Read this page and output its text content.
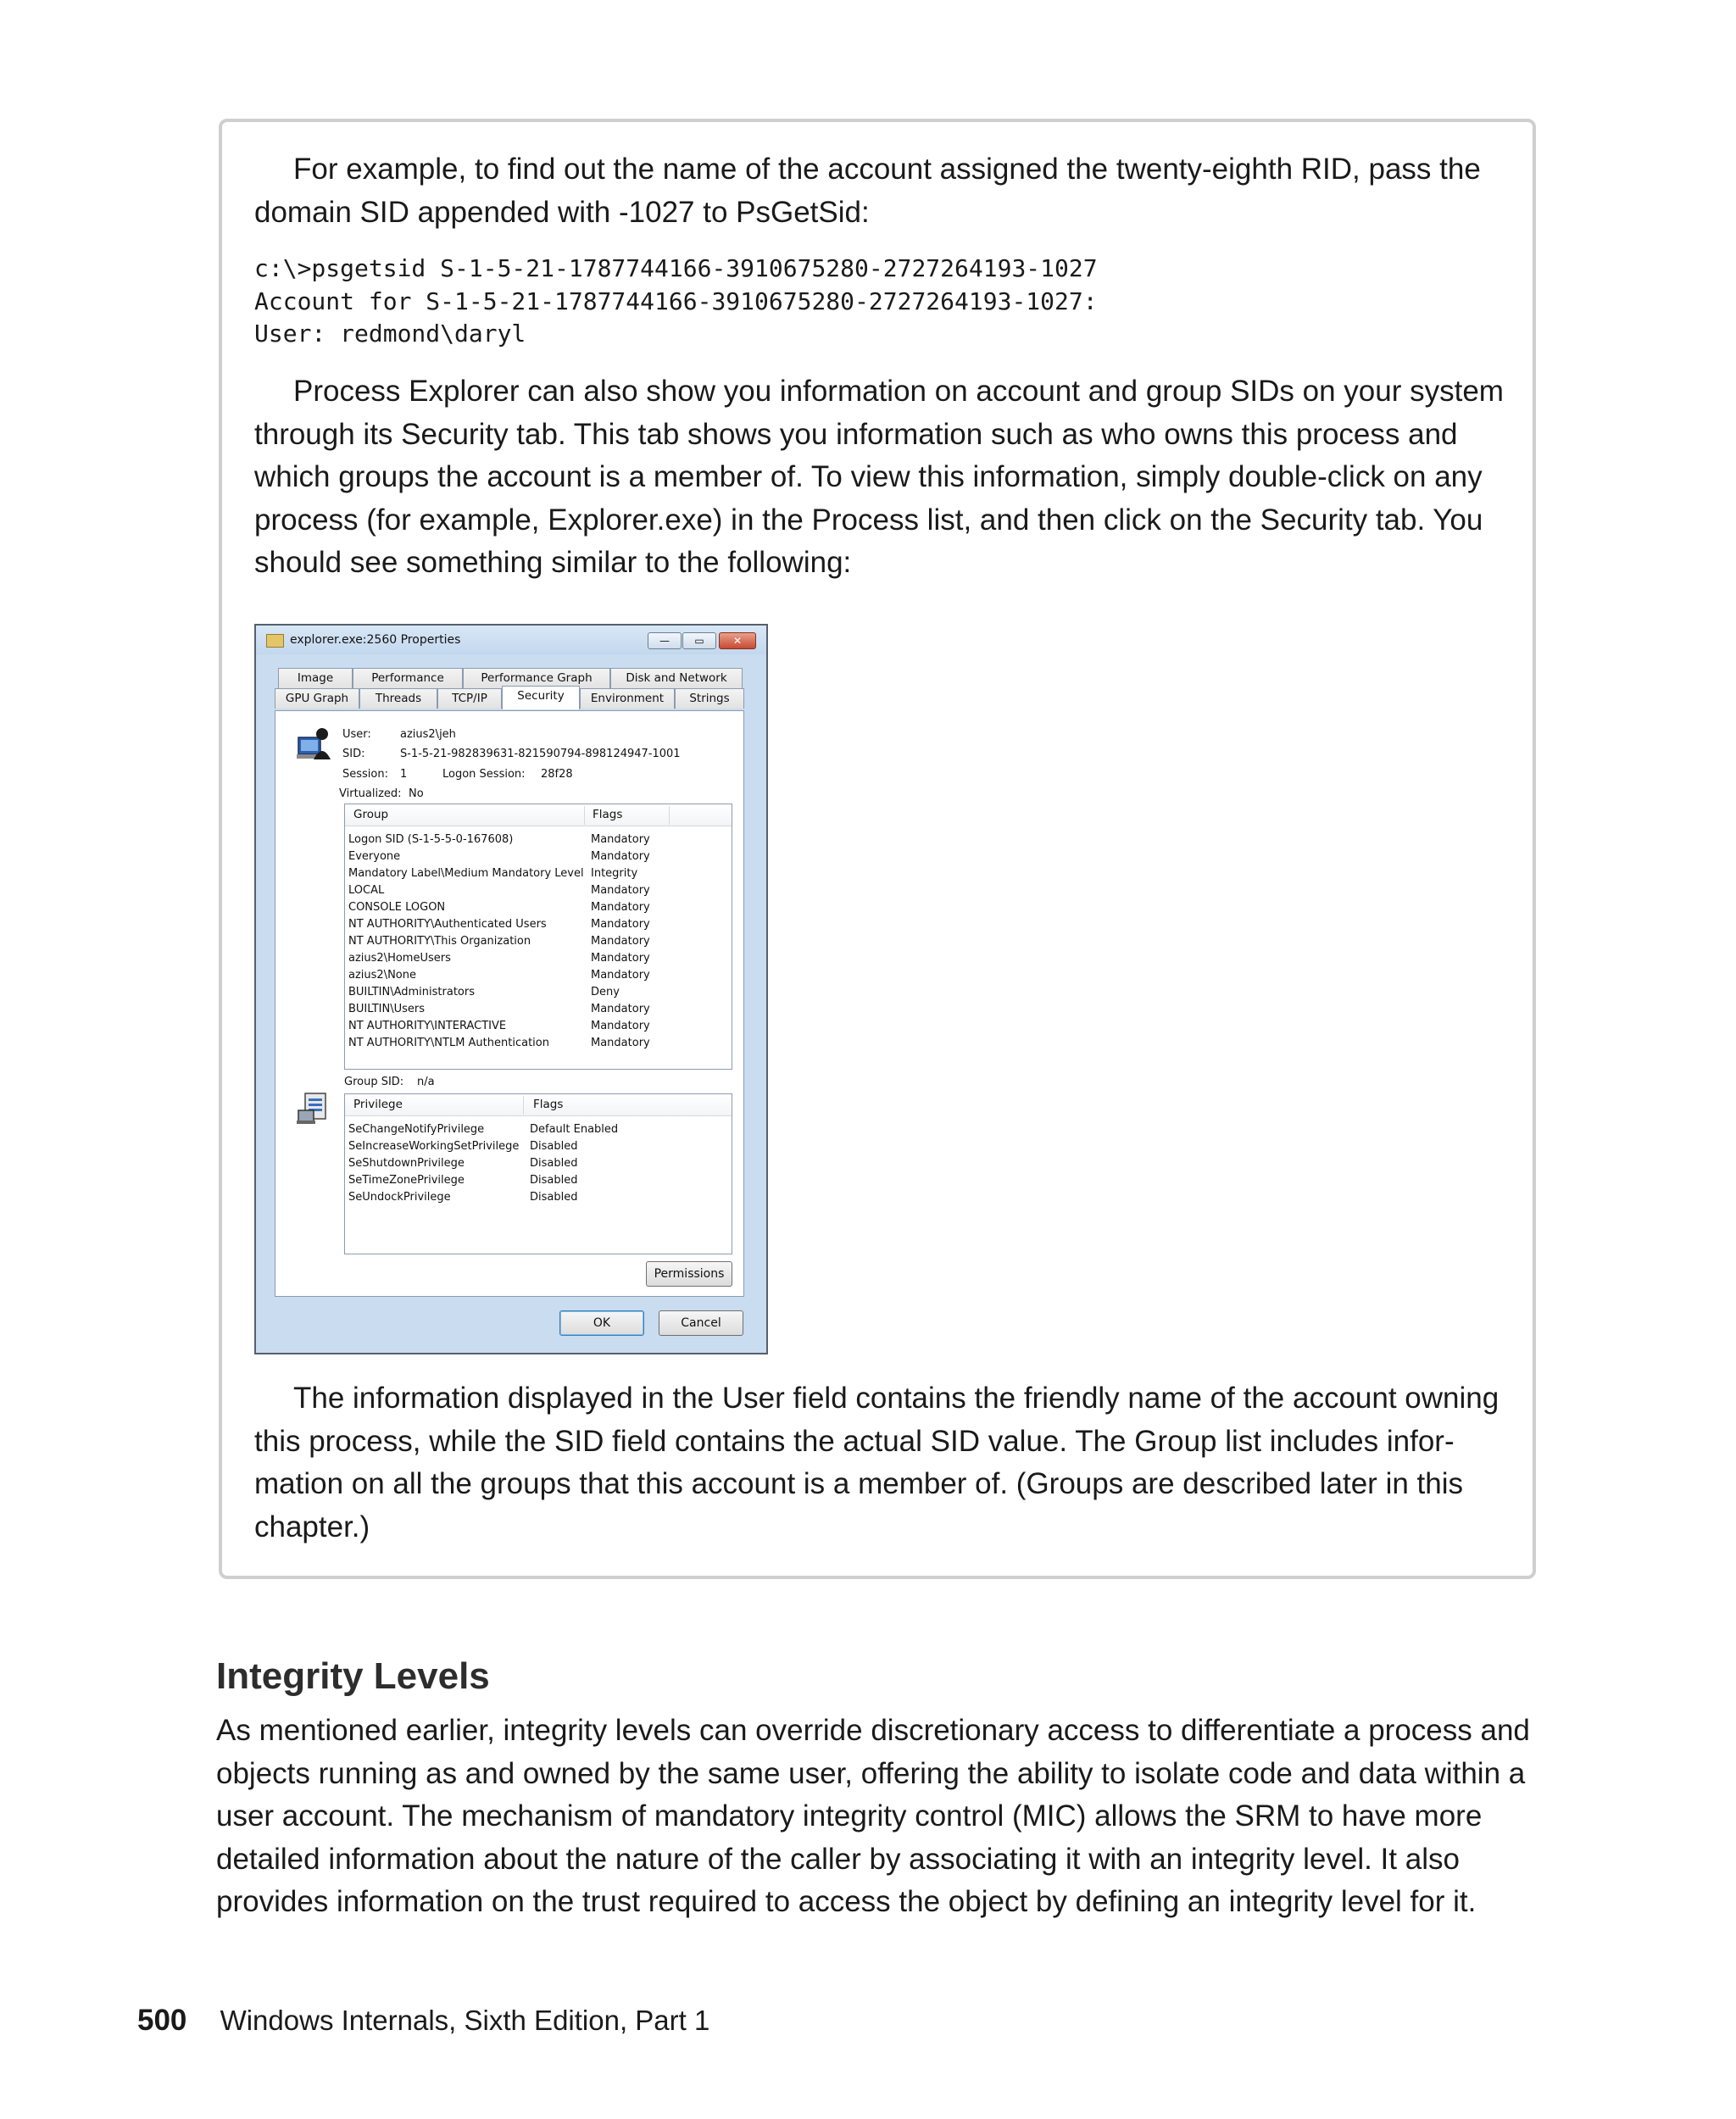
For example, to find out the name of the account assigned the twenty-eighth RID, pass the domain SID appended with -1027 to PsGetSid:

c:\>psgetsid S-1-5-21-1787744166-3910675280-2727264193-1027
Account for S-1-5-21-1787744166-3910675280-2727264193-1027:
User: redmond\daryl

Process Explorer can also show you information on account and group SIDs on your system through its Security tab. This tab shows you information such as who owns this process and which groups the account is a member of. To view this information, simply double-click on any process (for example, Explorer.exe) in the Process list, and then click on the Security tab. You should see something similar to the following:

explorer.exe:2560 Properties	—	▭	✕
Image	Performance	Performance Graph	Disk and Network
GPU Graph	Threads	TCP/IP	Security	Environment	Strings
User:	azius2\jeh
SID:	S-1-5-21-982839631-821590794-898124947-1001
Session: 1	Logon Session: 28f28
Virtualized: No
Group	Flags
Logon SID (S-1-5-5-0-167608)	Mandatory
Everyone	Mandatory
Mandatory Label\Medium Mandatory Level Integrity
LOCAL	Mandatory
CONSOLE LOGON	Mandatory
NT AUTHORITY\Authenticated Users	Mandatory
NT AUTHORITY\This Organization	Mandatory
azius2\HomeUsers	Mandatory
azius2\None	Mandatory
BUILTIN\Administrators	Deny
BUILTIN\Users	Mandatory
NT AUTHORITY\INTERACTIVE	Mandatory
NT AUTHORITY\NTLM Authentication	Mandatory
Group SID: n/a
Privilege	Flags
SeChangeNotifyPrivilege	Default Enabled
SeIncreaseWorkingSetPrivilege Disabled
SeShutdownPrivilege	Disabled
SeTimeZonePrivilege	Disabled
SeUndockPrivilege	Disabled
Permissions
OK	Cancel

The information displayed in the User field contains the friendly name of the account owning this process, while the SID field contains the actual SID value. The Group list includes infor-mation on all the groups that this account is a member of. (Groups are described later in this chapter.)

Integrity Levels

As mentioned earlier, integrity levels can override discretionary access to differentiate a process and objects running as and owned by the same user, offering the ability to isolate code and data within a user account. The mechanism of mandatory integrity control (MIC) allows the SRM to have more detailed information about the nature of the caller by associating it with an integrity level. It also provides information on the trust required to access the object by defining an integrity level for it.

500 Windows Internals, Sixth Edition, Part 1
